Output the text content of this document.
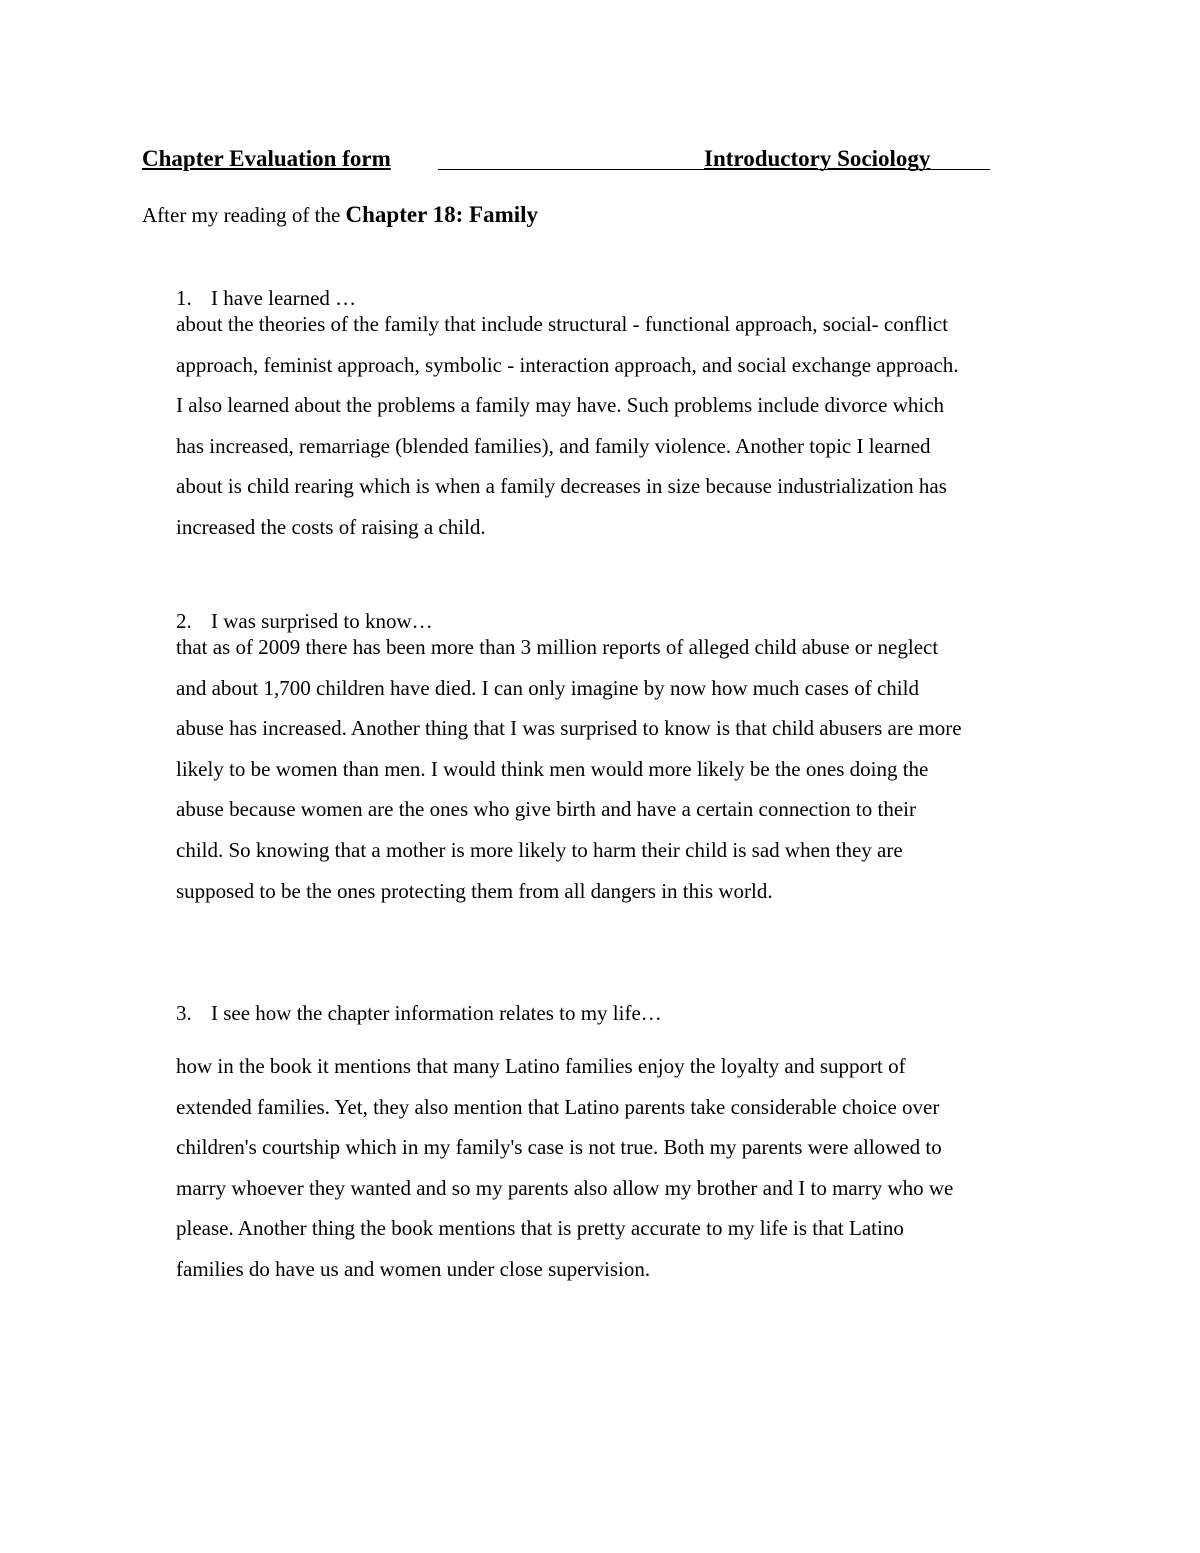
Chapter Evaluation form	Introductory Sociology
After my reading of the Chapter 18: Family
1. I have learned …
about the theories of the family that include structural - functional approach, social- conflict
approach, feminist approach, symbolic - interaction approach, and social exchange approach.
I also learned about the problems a family may have. Such problems include divorce which
has increased, remarriage (blended families), and family violence. Another topic I learned
about is child rearing which is when a family decreases in size because industrialization has
increased the costs of raising a child.
2. I was surprised to know…
that as of 2009 there has been more than 3 million reports of alleged child abuse or neglect
and about 1,700 children have died. I can only imagine by now how much cases of child
abuse has increased. Another thing that I was surprised to know is that child abusers are more
likely to be women than men. I would think men would more likely be the ones doing the
abuse because women are the ones who give birth and have a certain connection to their
child. So knowing that a mother is more likely to harm their child is sad when they are
supposed to be the ones protecting them from all dangers in this world.
3. I see how the chapter information relates to my life…
how in the book it mentions that many Latino families enjoy the loyalty and support of
extended families. Yet, they also mention that Latino parents take considerable choice over
children's courtship which in my family's case is not true. Both my parents were allowed to
marry whoever they wanted and so my parents also allow my brother and I to marry who we
please. Another thing the book mentions that is pretty accurate to my life is that Latino
families do have us and women under close supervision.
